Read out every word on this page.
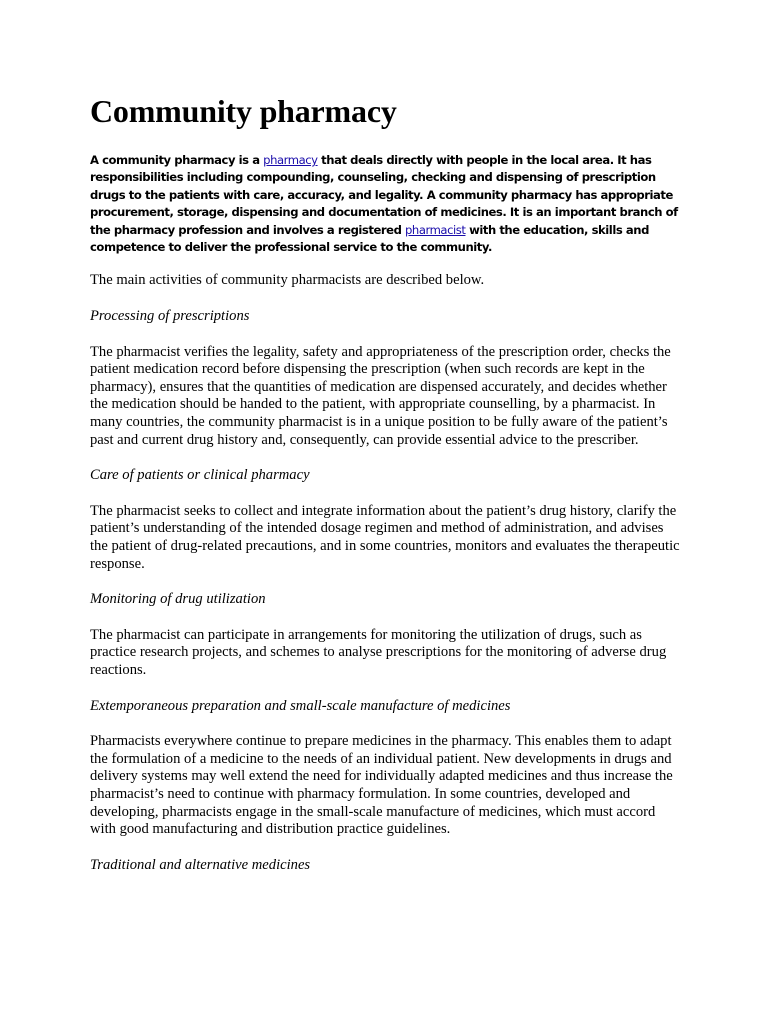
Community pharmacy

A community pharmacy is a pharmacy that deals directly with people in the local area. It has responsibilities including compounding, counseling, checking and dispensing of prescription drugs to the patients with care, accuracy, and legality. A community pharmacy has appropriate procurement, storage, dispensing and documentation of medicines. It is an important branch of the pharmacy profession and involves a registered pharmacist with the education, skills and competence to deliver the professional service to the community.

The main activities of community pharmacists are described below.

Processing of prescriptions

The pharmacist verifies the legality, safety and appropriateness of the prescription order, checks the patient medication record before dispensing the prescription (when such records are kept in the pharmacy), ensures that the quantities of medication are dispensed accurately, and decides whether the medication should be handed to the patient, with appropriate counselling, by a pharmacist. In many countries, the community pharmacist is in a unique position to be fully aware of the patient’s past and current drug history and, consequently, can provide essential advice to the prescriber.

Care of patients or clinical pharmacy

The pharmacist seeks to collect and integrate information about the patient’s drug history, clarify the patient’s understanding of the intended dosage regimen and method of administration, and advises the patient of drug-related precautions, and in some countries, monitors and evaluates the therapeutic response.

Monitoring of drug utilization

The pharmacist can participate in arrangements for monitoring the utilization of drugs, such as practice research projects, and schemes to analyse prescriptions for the monitoring of adverse drug reactions.

Extemporaneous preparation and small-scale manufacture of medicines

Pharmacists everywhere continue to prepare medicines in the pharmacy. This enables them to adapt the formulation of a medicine to the needs of an individual patient. New developments in drugs and delivery systems may well extend the need for individually adapted medicines and thus increase the pharmacist’s need to continue with pharmacy formulation. In some countries, developed and developing, pharmacists engage in the small-scale manufacture of medicines, which must accord with good manufacturing and distribution practice guidelines.

Traditional and alternative medicines
